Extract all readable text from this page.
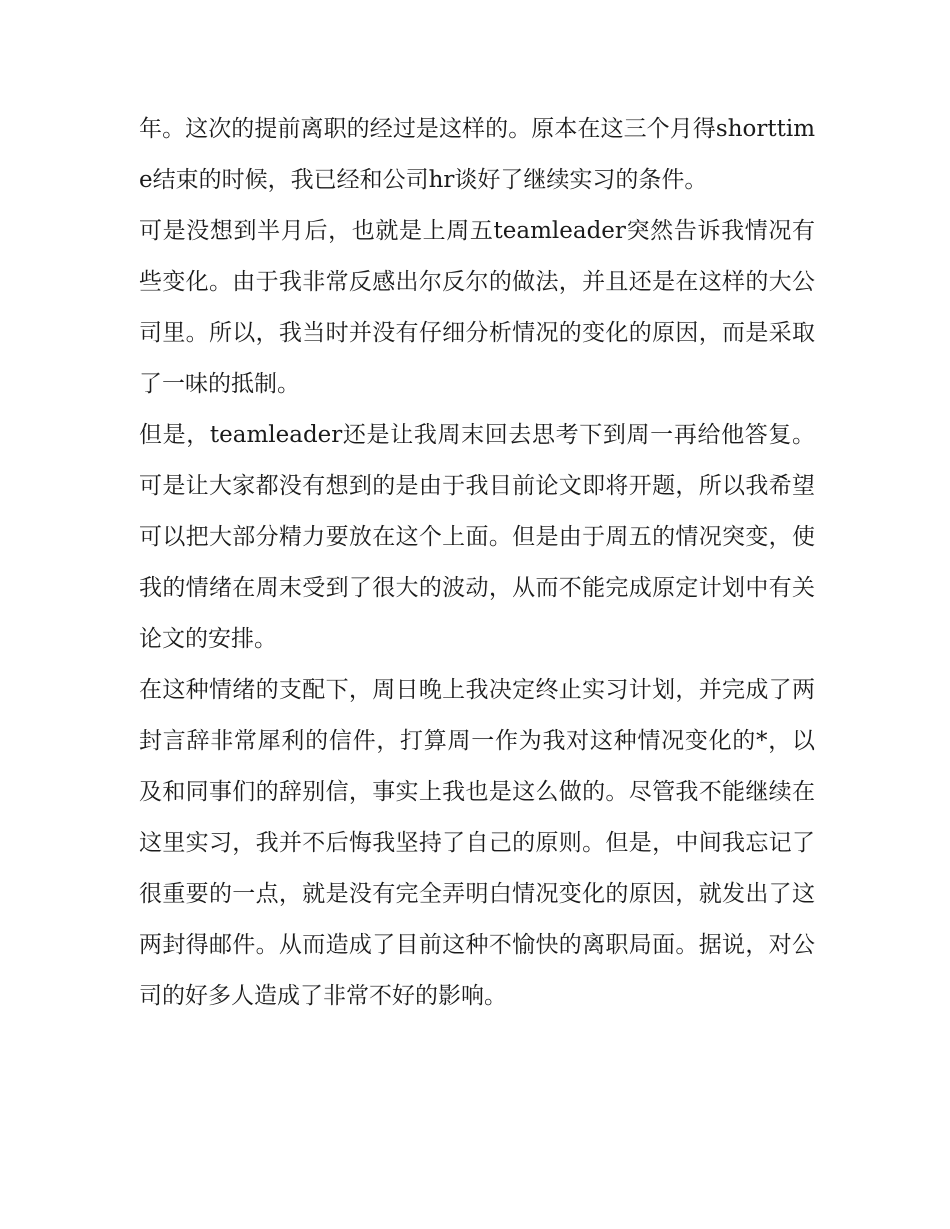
年。这次的提前离职的经过是这样的。原本在这三个月得shorttime结束的时候，我已经和公司hr谈好了继续实习的条件。

可是没想到半月后，也就是上周五teamleader突然告诉我情况有些变化。由于我非常反感出尔反尔的做法，并且还是在这样的大公司里。所以，我当时并没有仔细分析情况的变化的原因，而是采取了一味的抵制。

但是，teamleader还是让我周末回去思考下到周一再给他答复。可是让大家都没有想到的是由于我目前论文即将开题，所以我希望可以把大部分精力要放在这个上面。但是由于周五的情况突变，使我的情绪在周末受到了很大的波动，从而不能完成原定计划中有关论文的安排。

在这种情绪的支配下，周日晚上我决定终止实习计划，并完成了两封言辞非常犀利的信件，打算周一作为我对这种情况变化的*，以及和同事们的辞别信，事实上我也是这么做的。尽管我不能继续在这里实习，我并不后悔我坚持了自己的原则。但是，中间我忘记了很重要的一点，就是没有完全弄明白情况变化的原因，就发出了这两封得邮件。从而造成了目前这种不愉快的离职局面。据说，对公司的好多人造成了非常不好的影响。
